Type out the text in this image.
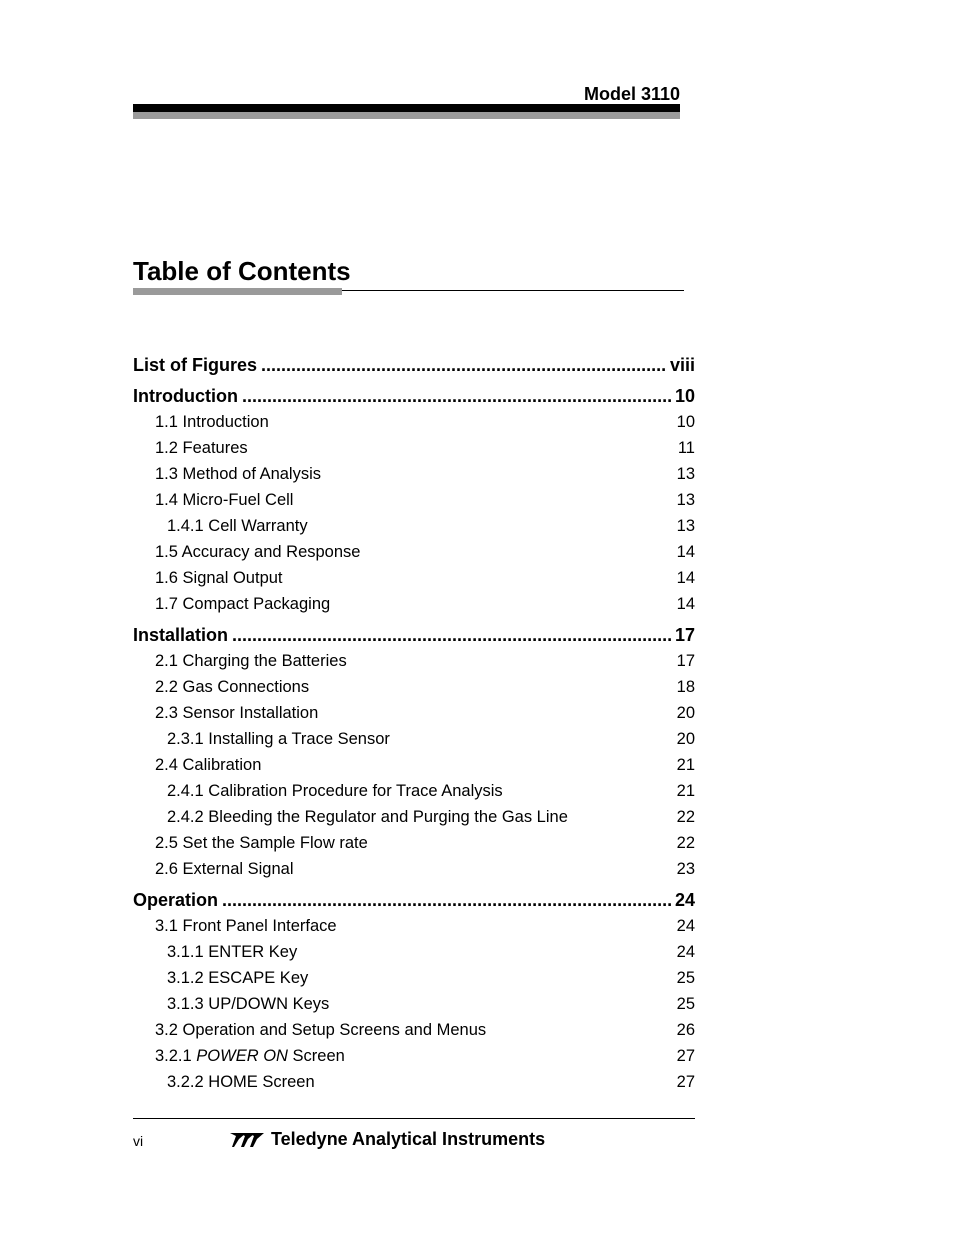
Model 3110
Table of Contents
List of Figures .....	viii
Introduction .....	10
1.1 Introduction	10
1.2 Features	11
1.3 Method of Analysis	13
1.4 Micro-Fuel Cell	13
1.4.1 Cell Warranty	13
1.5 Accuracy and Response	14
1.6 Signal Output	14
1.7 Compact Packaging	14
Installation .....	17
2.1 Charging the Batteries	17
2.2 Gas Connections	18
2.3 Sensor Installation	20
2.3.1 Installing a Trace Sensor	20
2.4 Calibration	21
2.4.1 Calibration Procedure for Trace Analysis	21
2.4.2 Bleeding the Regulator and Purging the Gas Line	22
2.5 Set the Sample Flow rate	22
2.6 External Signal	23
Operation .....	24
3.1 Front Panel Interface	24
3.1.1 ENTER Key	24
3.1.2 ESCAPE Key	25
3.1.3 UP/DOWN Keys	25
3.2 Operation and Setup Screens and Menus	26
3.2.1 POWER ON Screen	27
3.2.2 HOME Screen	27
vi	Teledyne Analytical Instruments
